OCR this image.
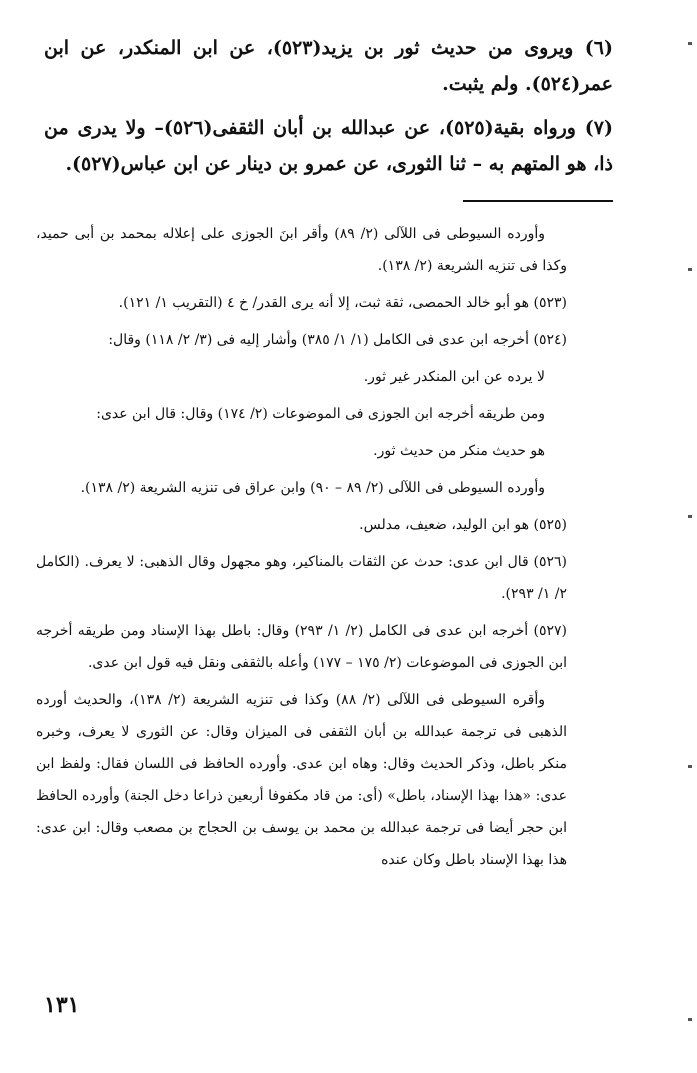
(٦) ويروى من حديث ثور بن يزيد(٥٢٣)، عن ابن المنكدر، عن ابن عمر(٥٢٤). ولم يثبت.

(٧) ورواه بقية(٥٢٥)، عن عبدالله بن أبان الثقفى(٥٢٦)– ولا يدرى من ذا، هو المتهم به – ثنا الثورى، عن عمرو بن دينار عن ابن عباس(٥٢٧).

وأورده السيوطى فى اللآلى (٢/ ٨٩) وأقر ابنَ الجوزى على إعلاله بمحمد بن أبى حميد، وكذا فى تنزيه الشريعة (٢/ ١٣٨).

(٥٢٣) هو أبو خالد الحمصى، ثقة ثبت، إلا أنه يرى القدر/ خ ٤ (التقريب ١/ ١٢١).

(٥٢٤) أخرجه ابن عدى فى الكامل (١/ ١/ ٣٨٥) وأشار إليه فى (٣/ ٢/ ١١٨) وقال:

لا يرده عن ابن المنكدر غير ثور.

ومن طريقه أخرجه ابن الجوزى فى الموضوعات (٢/ ١٧٤) وقال: قال ابن عدى:

هو حديث منكر من حديث ثور.

وأورده السيوطى فى اللآلى (٢/ ٨٩ – ٩٠) وابن عراق فى تنزيه الشريعة (٢/ ١٣٨).

(٥٢٥) هو ابن الوليد، ضعيف، مدلس.

(٥٢٦) قال ابن عدى: حدث عن الثقات بالمناكير، وهو مجهول وقال الذهبى: لا يعرف. (الكامل ٢/ ١/ ٢٩٣).

(٥٢٧) أخرجه ابن عدى فى الكامل (٢/ ١/ ٢٩٣) وقال: باطل بهذا الإسناد ومن طريقه أخرجه ابن الجوزى فى الموضوعات (٢/ ١٧٥ – ١٧٧) وأعله بالثقفى ونقل فيه قول ابن عدى.

وأقره السيوطى فى اللآلى (٢/ ٨٨) وكذا فى تنزيه الشريعة (٢/ ١٣٨)، والحديث أورده الذهبى فى ترجمة عبدالله بن أبان الثقفى فى الميزان وقال: عن الثورى لا يعرف، وخبره منكر باطل، وذكر الحديث وقال: وهاه ابن عدى. وأورده الحافظ فى اللسان فقال: ولفظ ابن عدى: «هذا بهذا الإسناد، باطل» (أى: من قاد مكفوفا أربعين ذراعا دخل الجنة) وأورده الحافظ ابن حجر أيضا فى ترجمة عبدالله بن محمد بن يوسف بن الحجاج بن مصعب وقال: ابن عدى: هذا بهذا الإسناد باطل وكان عنده

١٣١
